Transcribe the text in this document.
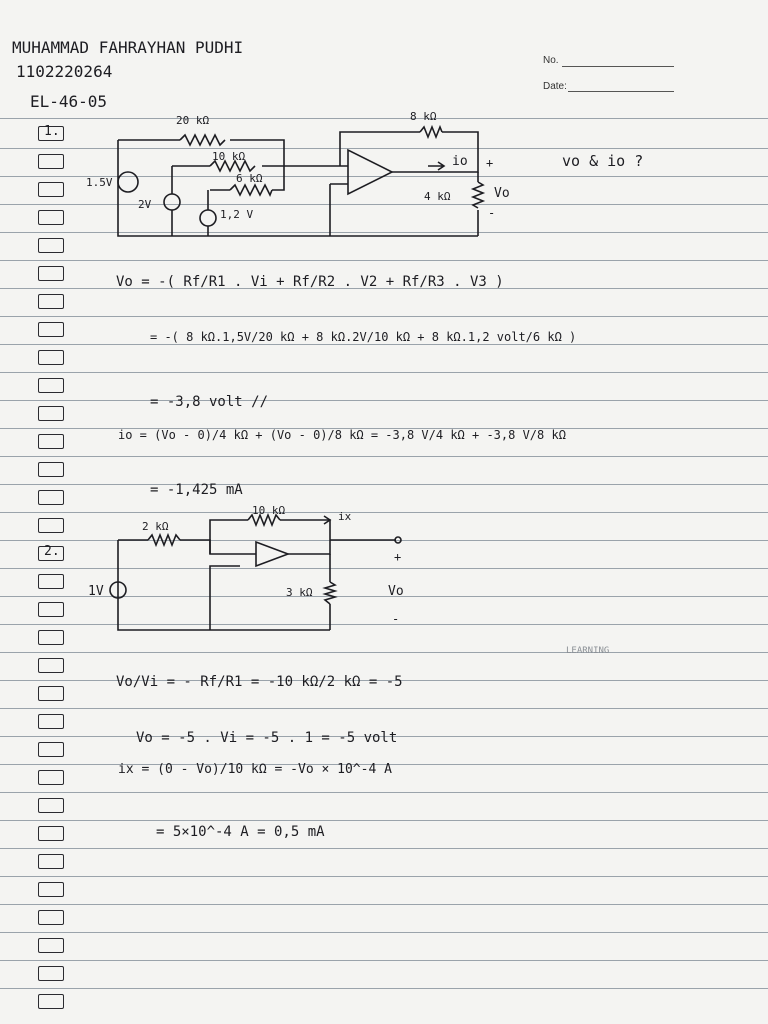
No.
Date:
MUHAMMAD FAHRAYHAN PUDHI
1102220264
EL-46-05
1.
2.
20 kΩ
10 kΩ
6 kΩ
8 kΩ
4 kΩ
1.5V
2V
1,2 V
io +
Vo
-
vo & io ?
Vo = -( Rf/R1 . Vi + Rf/R2 . V2 + Rf/R3 . V3 )
= -( 8 kΩ.1,5V/20 kΩ + 8 kΩ.2V/10 kΩ + 8 kΩ.1,2 volt/6 kΩ )
= -3,8 volt //
io = (Vo - 0)/4 kΩ + (Vo - 0)/8 kΩ = -3,8 V/4 kΩ + -3,8 V/8 kΩ
= -1,425 mA
2 kΩ
10 kΩ
3 kΩ
1V
ix
+
Vo
-
LEARNING
Vo/Vi = - Rf/R1 = -10 kΩ/2 kΩ = -5
Vo = -5 . Vi = -5 . 1 = -5 volt
ix = (0 - Vo)/10 kΩ = -Vo × 10^-4 A
= 5×10^-4 A = 0,5 mA
